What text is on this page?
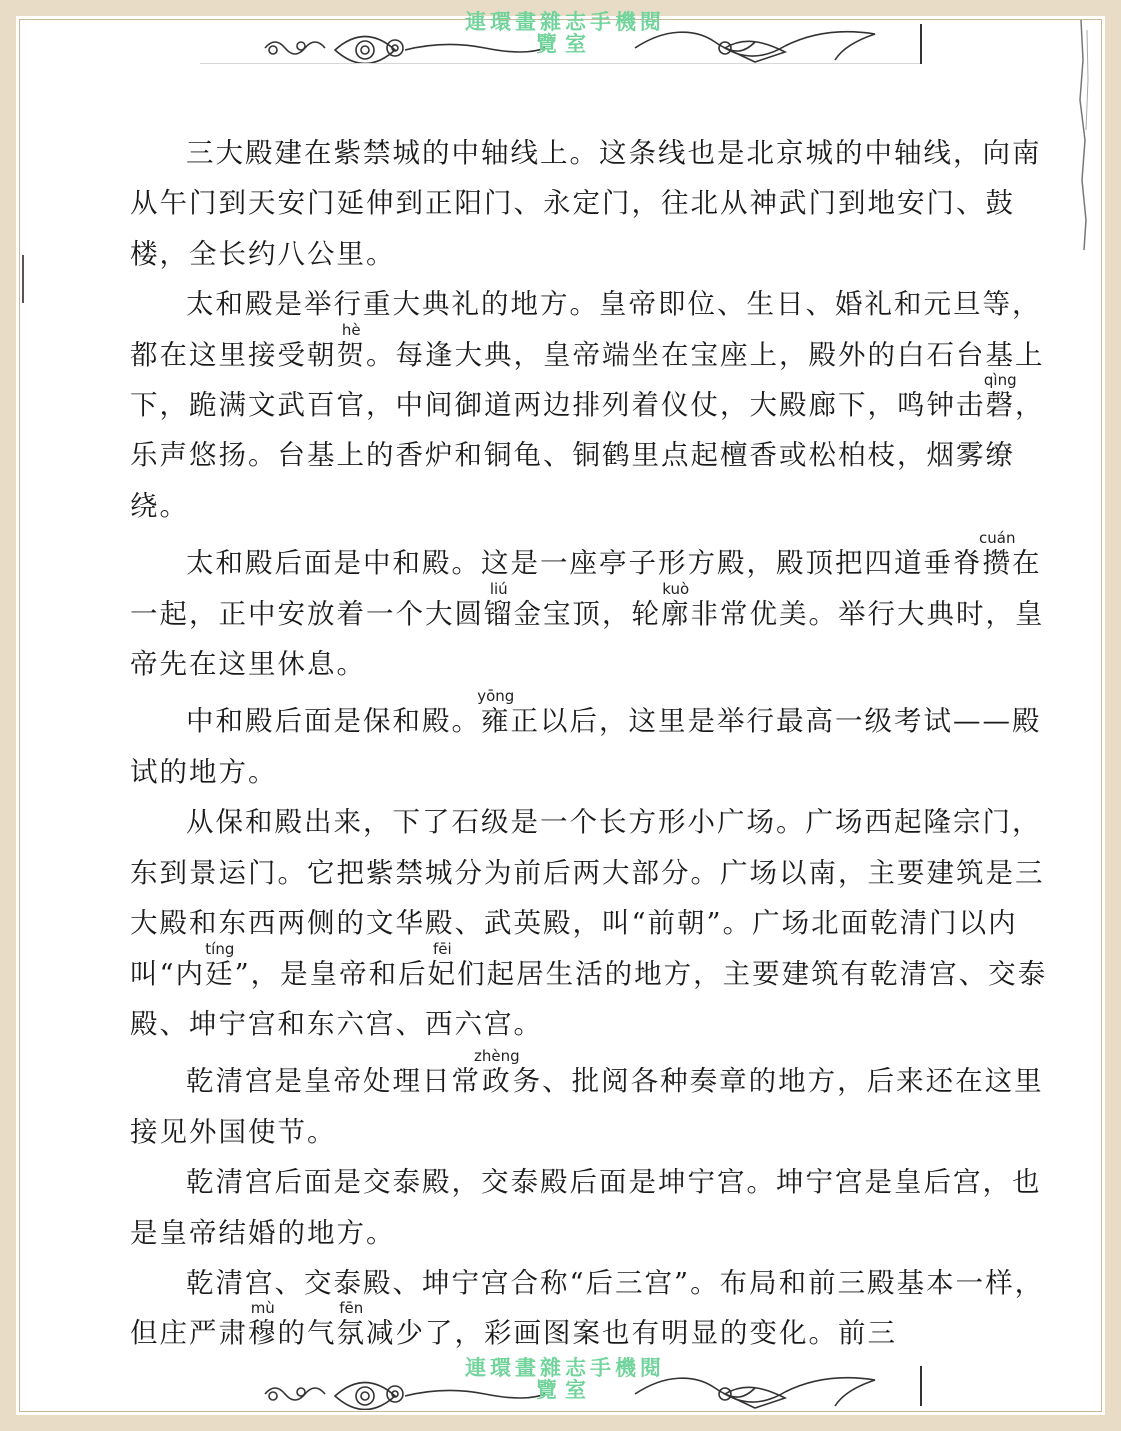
連環畫雜志手機閱
覽室

三大殿建在紫禁城的中轴线上。这条线也是北京城的中轴线，向南从午门到天安门延伸到正阳门、永定门，往北从神武门到地安门、鼓楼，全长约八公里。

太和殿是举行重大典礼的地方。皇帝即位、生日、婚礼和元旦等，都在这里接受朝贺hè。每逢大典，皇帝端坐在宝座上，殿外的白石台基上下，跪满文武百官，中间御道两边排列着仪仗，大殿廊下，鸣钟击磬qìng，乐声悠扬。台基上的香炉和铜龟、铜鹤里点起檀香或松柏枝，烟雾缭绕。

太和殿后面是中和殿。这是一座亭子形方殿，殿顶把四道垂脊攒cuán在一起，正中安放着一个大圆镏liú金宝顶，轮廓kuò非常优美。举行大典时，皇帝先在这里休息。

中和殿后面是保和殿。雍yōng正以后，这里是举行最高一级考试——殿试的地方。

从保和殿出来，下了石级是一个长方形小广场。广场西起隆宗门，东到景运门。它把紫禁城分为前后两大部分。广场以南，主要建筑是三大殿和东西两侧的文华殿、武英殿，叫“前朝”。广场北面乾清门以内叫“内廷tíng”，是皇帝和后妃fēi们起居生活的地方，主要建筑有乾清宫、交泰殿、坤宁宫和东六宫、西六宫。

乾清宫是皇帝处理日常政zhèng务、批阅各种奏章的地方，后来还在这里接见外国使节。

乾清宫后面是交泰殿，交泰殿后面是坤宁宫。坤宁宫是皇后宫，也是皇帝结婚的地方。

乾清宫、交泰殿、坤宁宫合称“后三宫”。布局和前三殿基本一样，但庄严肃穆mù的气氛fēn减少了，彩画图案也有明显的变化。前三

連環畫雜志手機閱
覽室
